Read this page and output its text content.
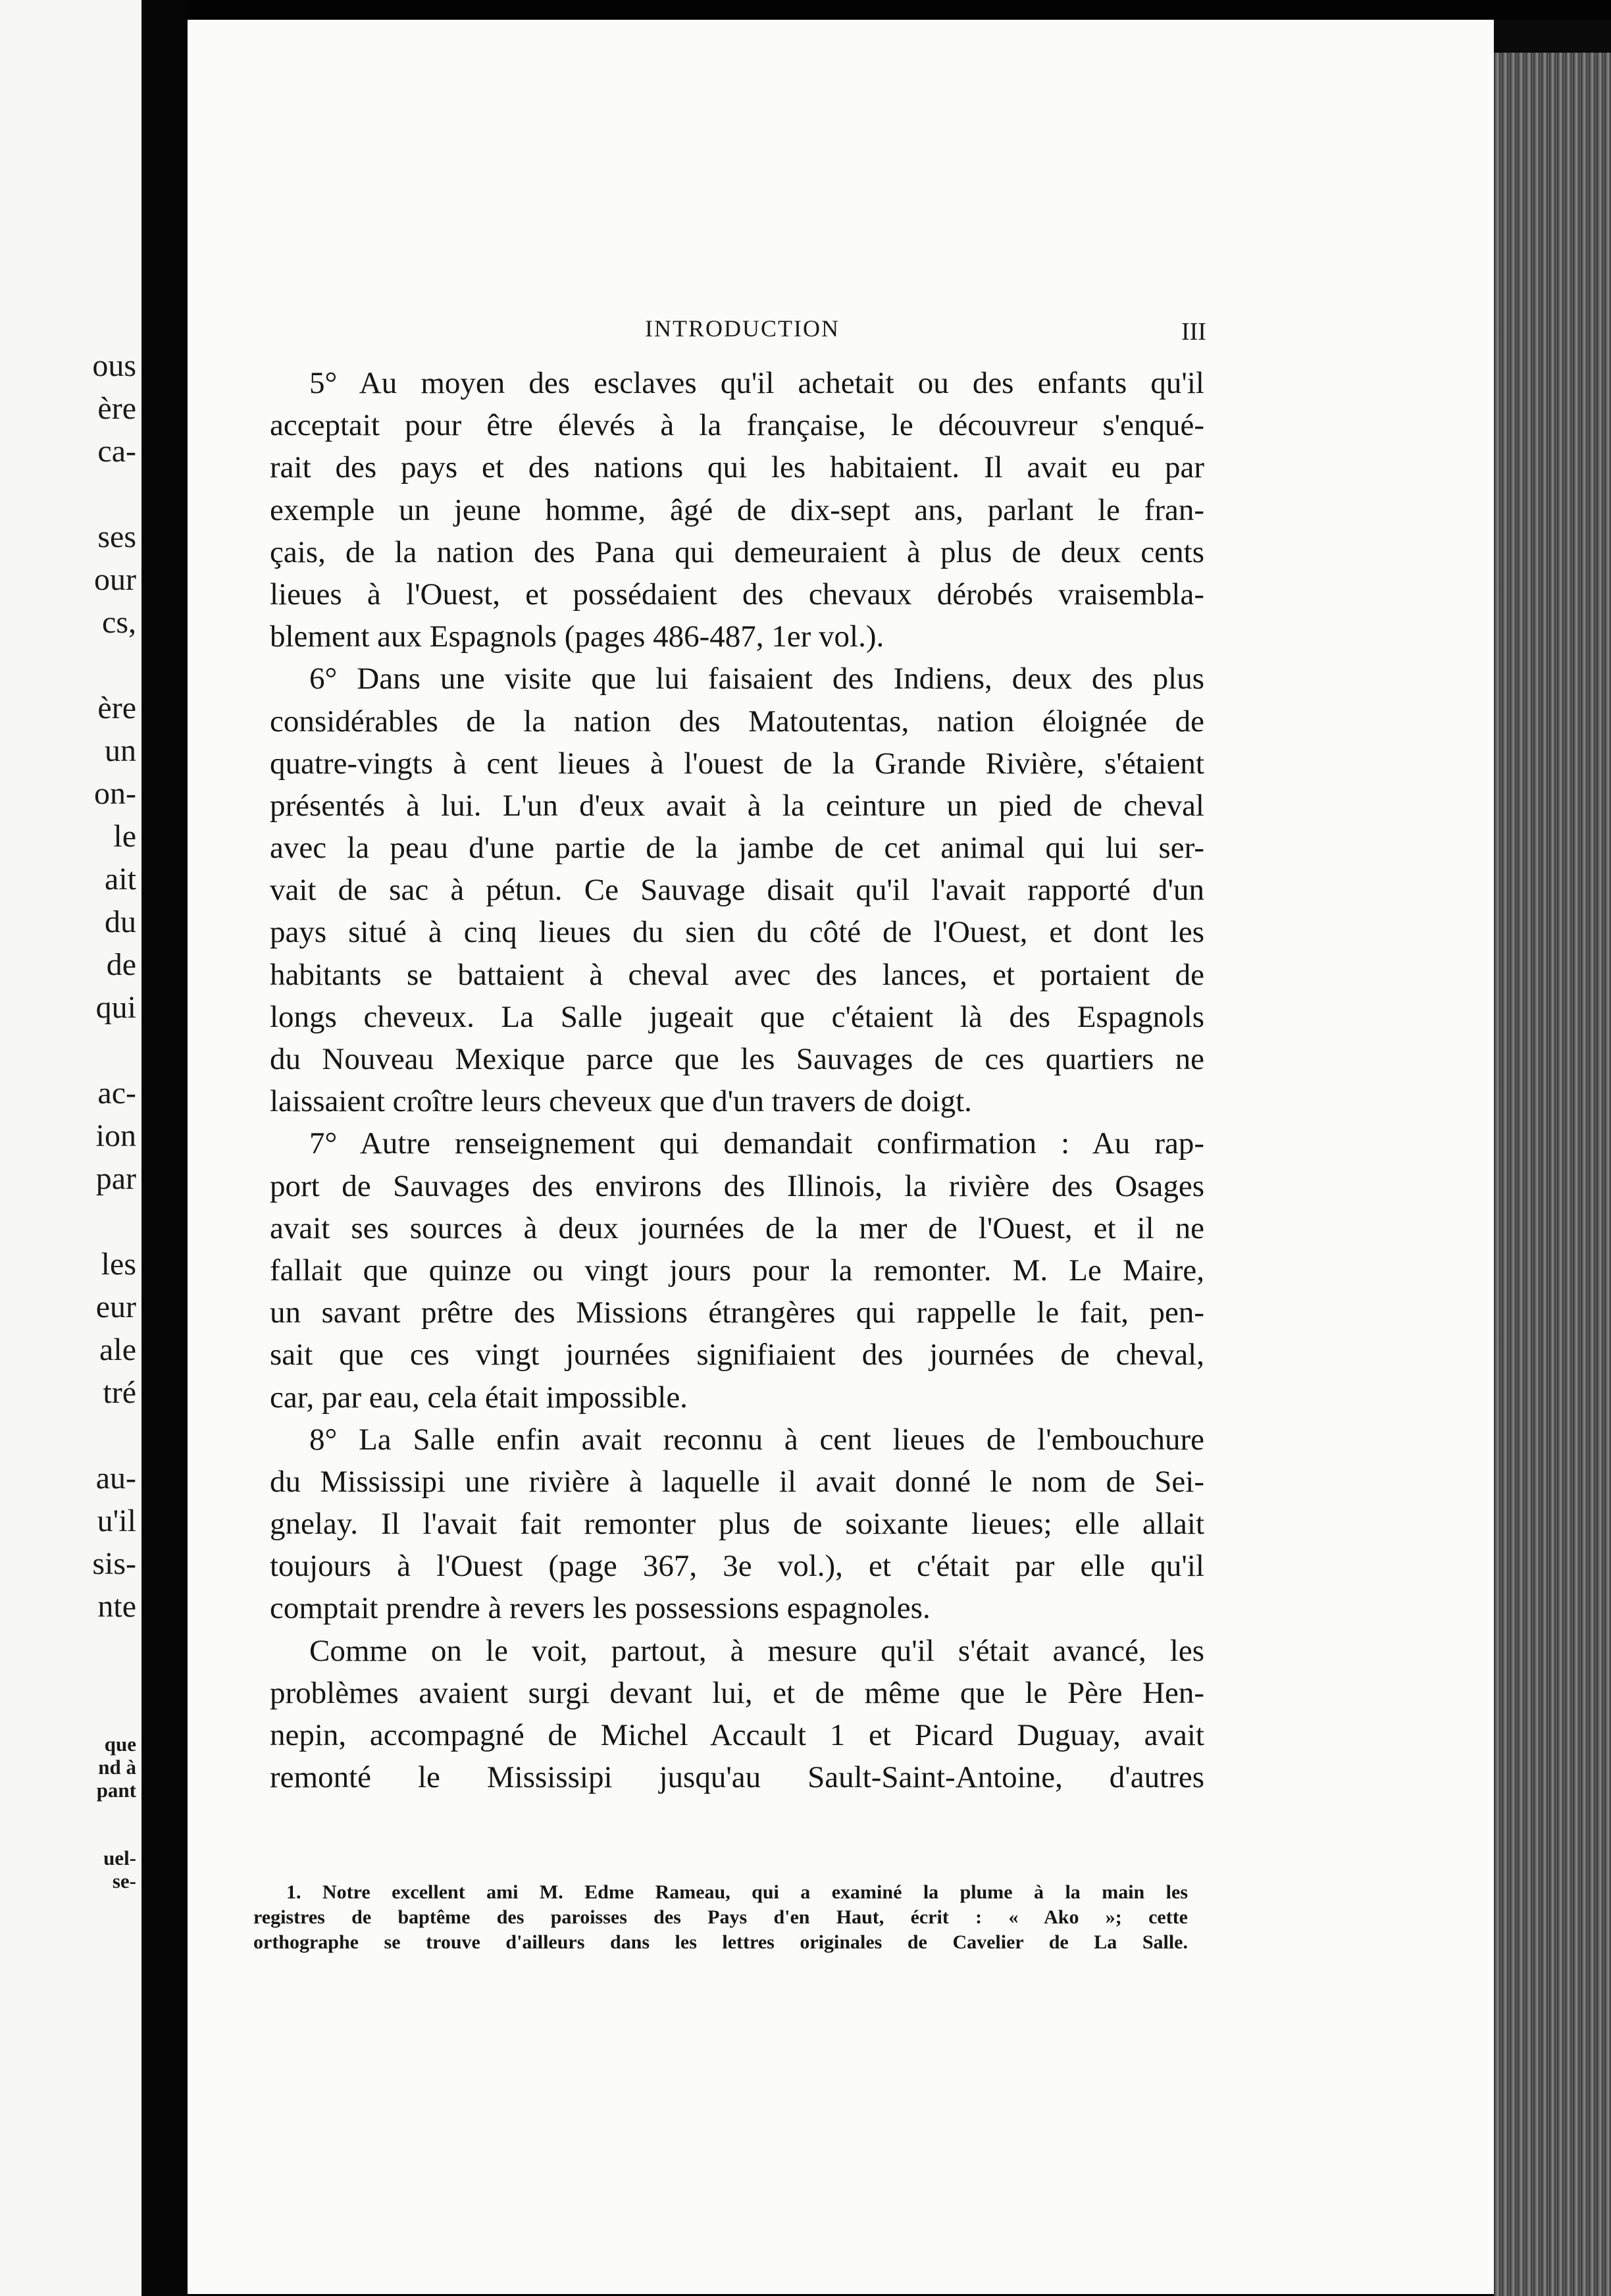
ous
ère
ca-
ses
our
cs,
ère
un
on-
le
ait
du
de
qui
ac-
ion
par
les
eur
ale
tré
au-
u'il
sis-
nte
que
nd à
pant
uel-
se-
INTRODUCTION	III
5° Au moyen des esclaves qu'il achetait ou des enfants qu'il
acceptait pour être élevés à la française, le découvreur s'enqué-
rait des pays et des nations qui les habitaient. Il avait eu par
exemple un jeune homme, âgé de dix-sept ans, parlant le fran-
çais, de la nation des Pana qui demeuraient à plus de deux cents
lieues à l'Ouest, et possédaient des chevaux dérobés vraisembla-
blement aux Espagnols (pages 486-487, 1er vol.).
6° Dans une visite que lui faisaient des Indiens, deux des plus
considérables de la nation des Matoutentas, nation éloignée de
quatre-vingts à cent lieues à l'ouest de la Grande Rivière, s'étaient
présentés à lui. L'un d'eux avait à la ceinture un pied de cheval
avec la peau d'une partie de la jambe de cet animal qui lui ser-
vait de sac à pétun. Ce Sauvage disait qu'il l'avait rapporté d'un
pays situé à cinq lieues du sien du côté de l'Ouest, et dont les
habitants se battaient à cheval avec des lances, et portaient de
longs cheveux. La Salle jugeait que c'étaient là des Espagnols
du Nouveau Mexique parce que les Sauvages de ces quartiers ne
laissaient croître leurs cheveux que d'un travers de doigt.
7° Autre renseignement qui demandait confirmation : Au rap-
port de Sauvages des environs des Illinois, la rivière des Osages
avait ses sources à deux journées de la mer de l'Ouest, et il ne
fallait que quinze ou vingt jours pour la remonter. M. Le Maire,
un savant prêtre des Missions étrangères qui rappelle le fait, pen-
sait que ces vingt journées signifiaient des journées de cheval,
car, par eau, cela était impossible.
8° La Salle enfin avait reconnu à cent lieues de l'embouchure
du Mississipi une rivière à laquelle il avait donné le nom de Sei-
gnelay. Il l'avait fait remonter plus de soixante lieues; elle allait
toujours à l'Ouest (page 367, 3e vol.), et c'était par elle qu'il
comptait prendre à revers les possessions espagnoles.
Comme on le voit, partout, à mesure qu'il s'était avancé, les
problèmes avaient surgi devant lui, et de même que le Père Hen-
nepin, accompagné de Michel Accault 1 et Picard Duguay, avait
remonté le Mississipi jusqu'au Sault-Saint-Antoine, d'autres
1. Notre excellent ami M. Edme Rameau, qui a examiné la plume à la main les
registres de baptême des paroisses des Pays d'en Haut, écrit : « Ako »; cette
orthographe se trouve d'ailleurs dans les lettres originales de Cavelier de La Salle.
